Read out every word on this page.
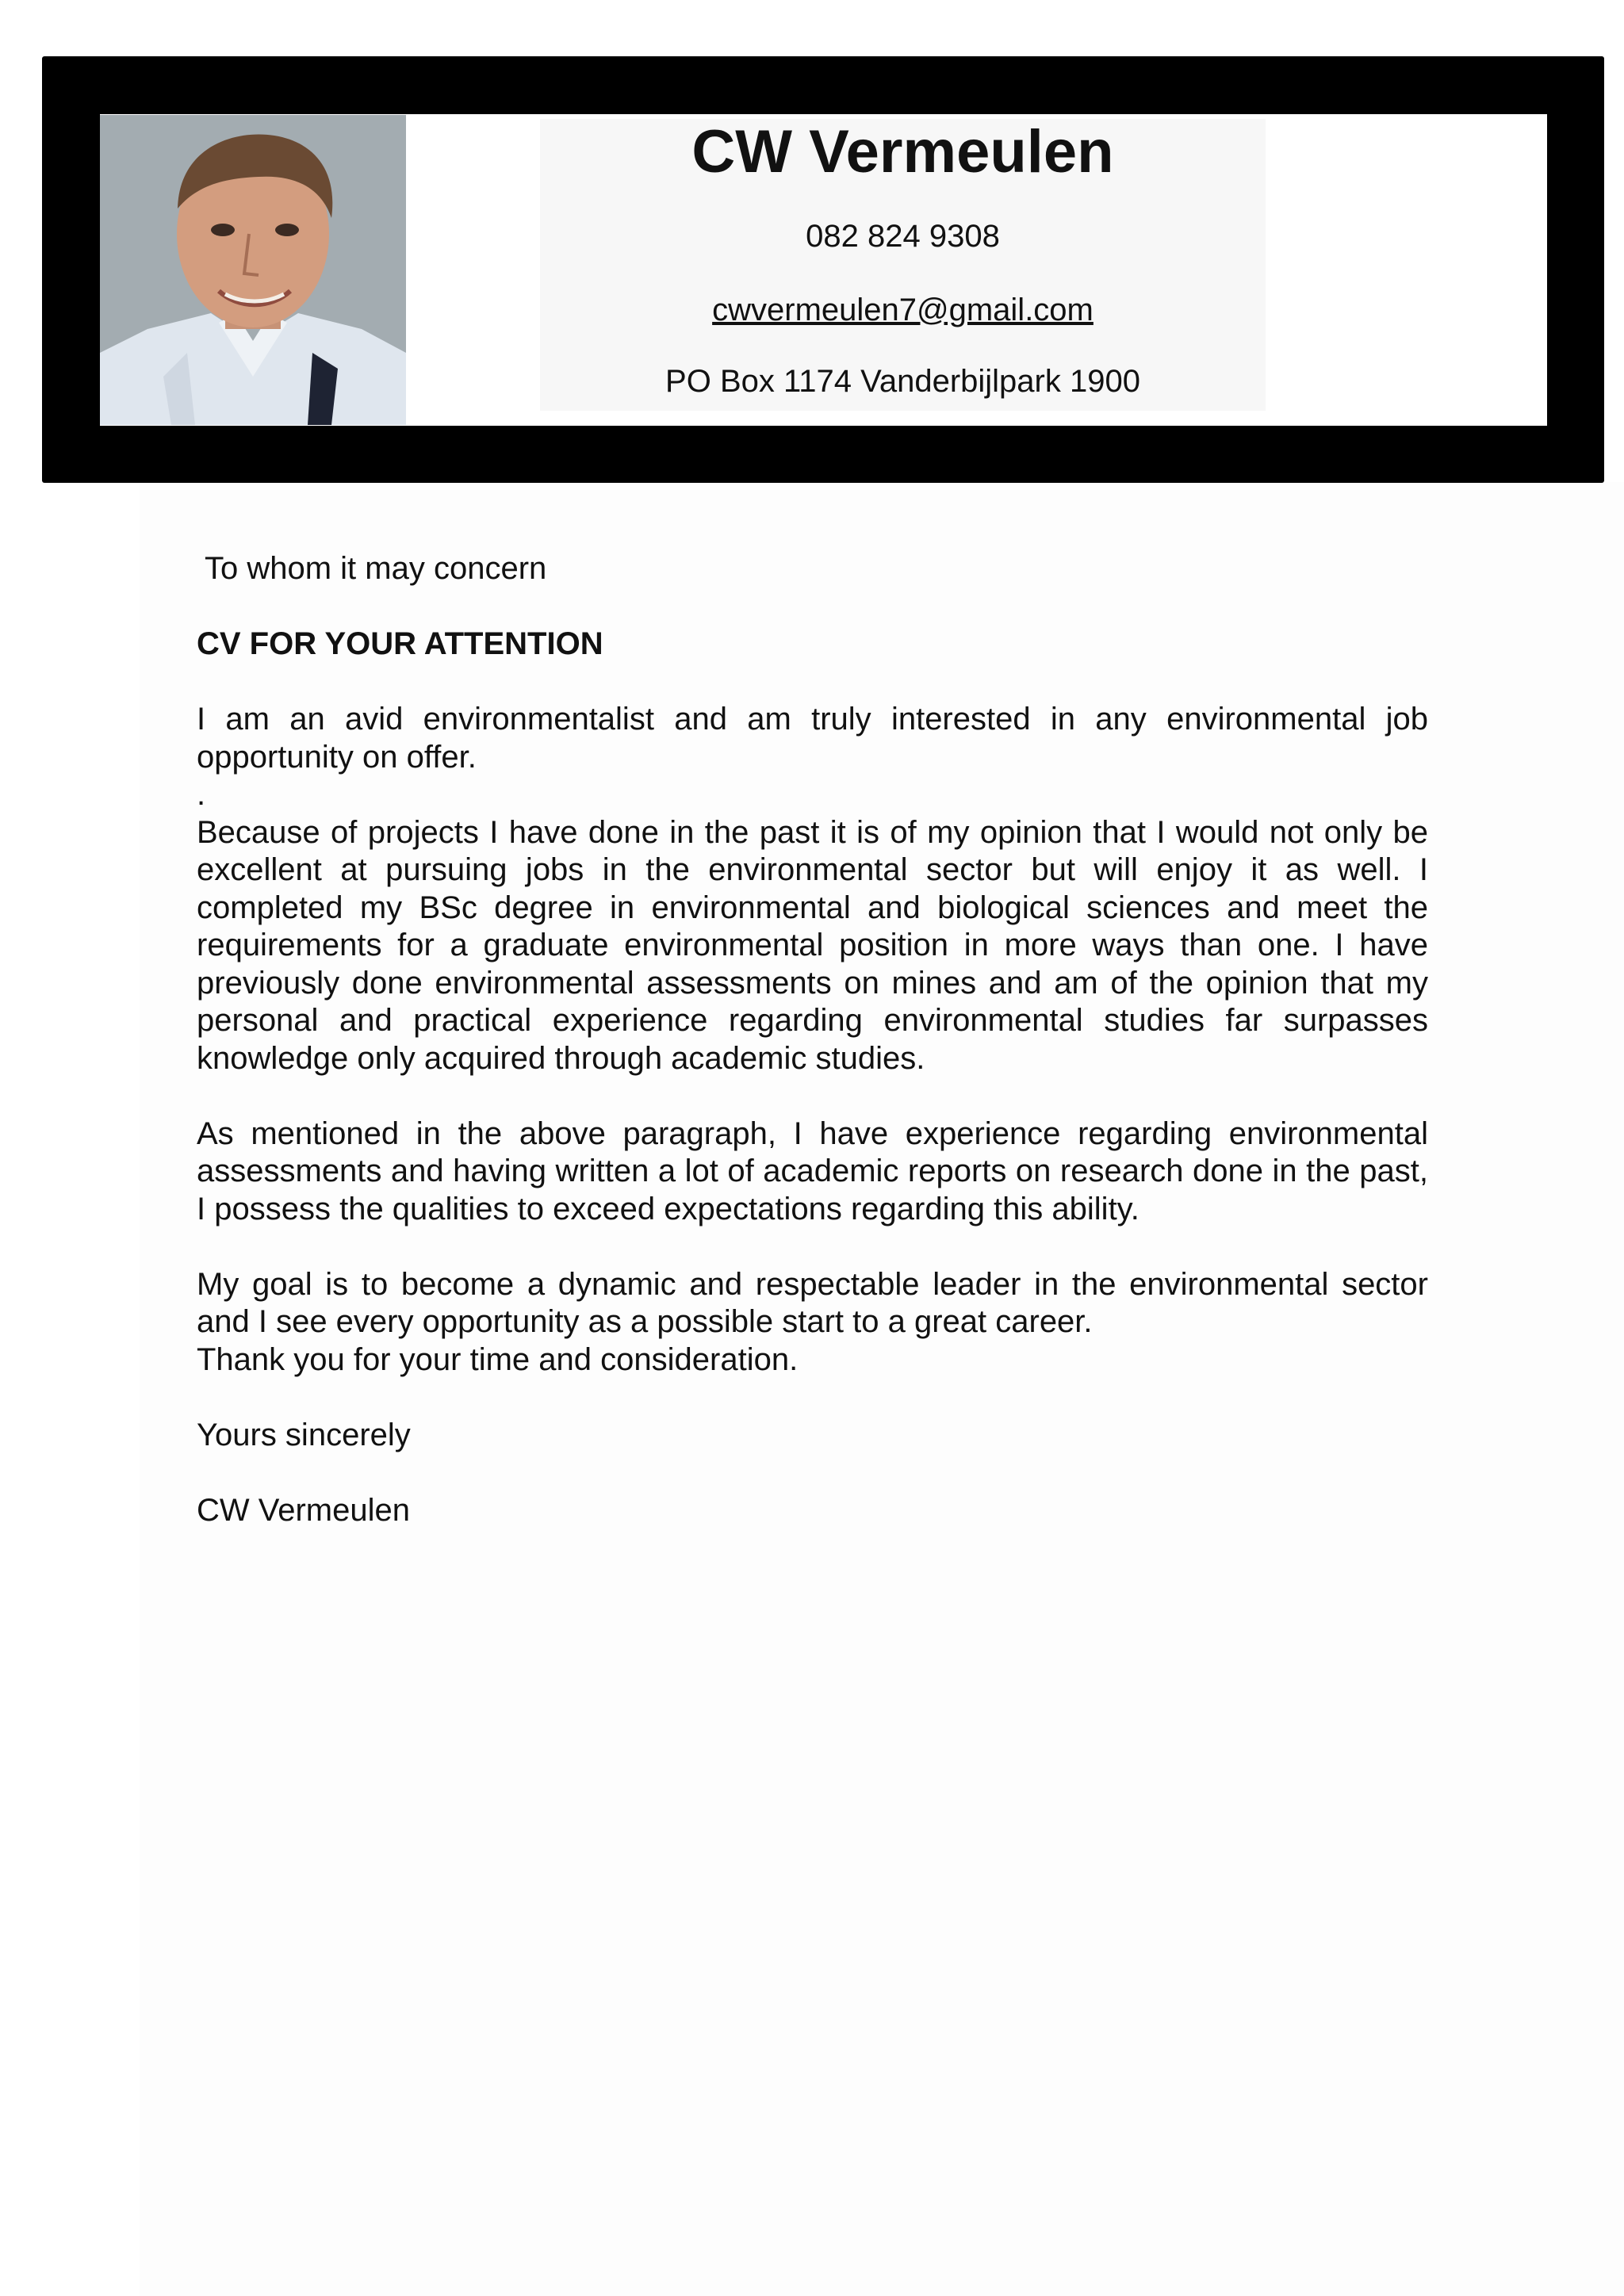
CW Vermeulen
082 824 9308
cwvermeulen7@gmail.com
PO Box 1174 Vanderbijlpark 1900

To whom it may concern

CV FOR YOUR ATTENTION

I am an avid environmentalist and am truly interested in any environmental job opportunity on offer.

.

Because of projects I have done in the past it is of my opinion that I would not only be excellent at pursuing jobs in the environmental sector but will enjoy it as well. I completed my BSc degree in environmental and biological sciences and meet the requirements for a graduate environmental position in more ways than one. I have previously done environmental assessments on mines and am of the opinion that my personal and practical experience regarding environmental studies far surpasses knowledge only acquired through academic studies.

As mentioned in the above paragraph, I have experience regarding environmental assessments and having written a lot of academic reports on research done in the past, I possess the qualities to exceed expectations regarding this ability.

My goal is to become a dynamic and respectable leader in the environmental sector and I see every opportunity as a possible start to a great career.

Thank you for your time and consideration.

Yours sincerely

CW Vermeulen
